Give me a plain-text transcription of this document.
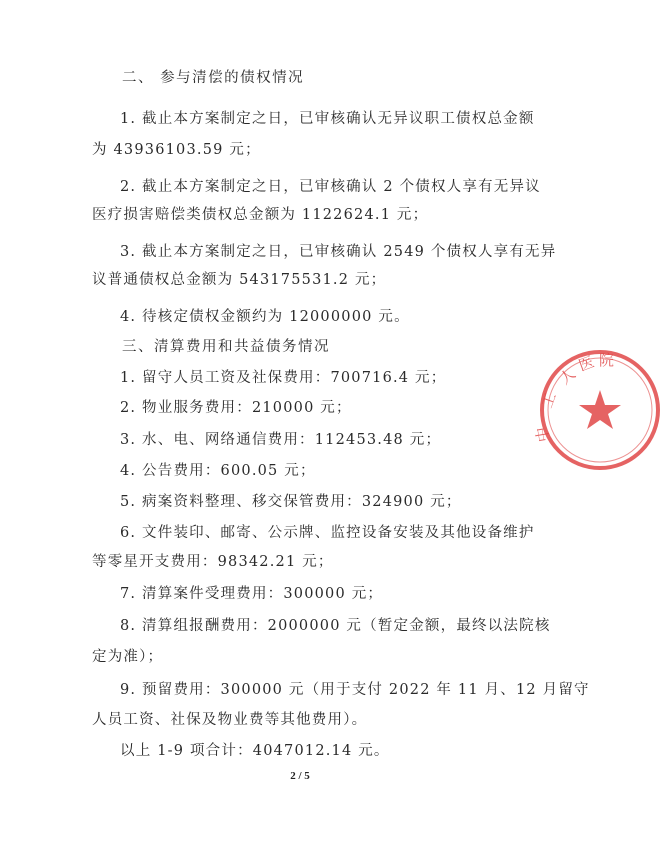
二、 参与清偿的债权情况
1. 截止本方案制定之日，已审核确认无异议职工债权总金额
为 43936103.59 元；
2. 截止本方案制定之日，已审核确认 2 个债权人享有无异议
医疗损害赔偿类债权总金额为 1122624.1 元；
3. 截止本方案制定之日，已审核确认 2549 个债权人享有无异
议普通债权总金额为 543175531.2 元；
4. 待核定债权金额约为 12000000 元。
三、清算费用和共益债务情况
1. 留守人员工资及社保费用：700716.4 元；
2. 物业服务费用：210000 元；
3. 水、电、网络通信费用：112453.48 元；
4. 公告费用：600.05 元；
5. 病案资料整理、移交保管费用：324900 元；
6. 文件装印、邮寄、公示牌、监控设备安装及其他设备维护
等零星开支费用：98342.21 元；
7. 清算案件受理费用：300000 元；
8. 清算组报酬费用：2000000 元（暂定金额，最终以法院核
定为准）；
9. 预留费用：300000 元（用于支付 2022 年 11 月、12 月留守
人员工资、社保及物业费等其他费用）。
以上 1-9 项合计：4047012.14 元。
2 / 5
人
医 院
工
中
